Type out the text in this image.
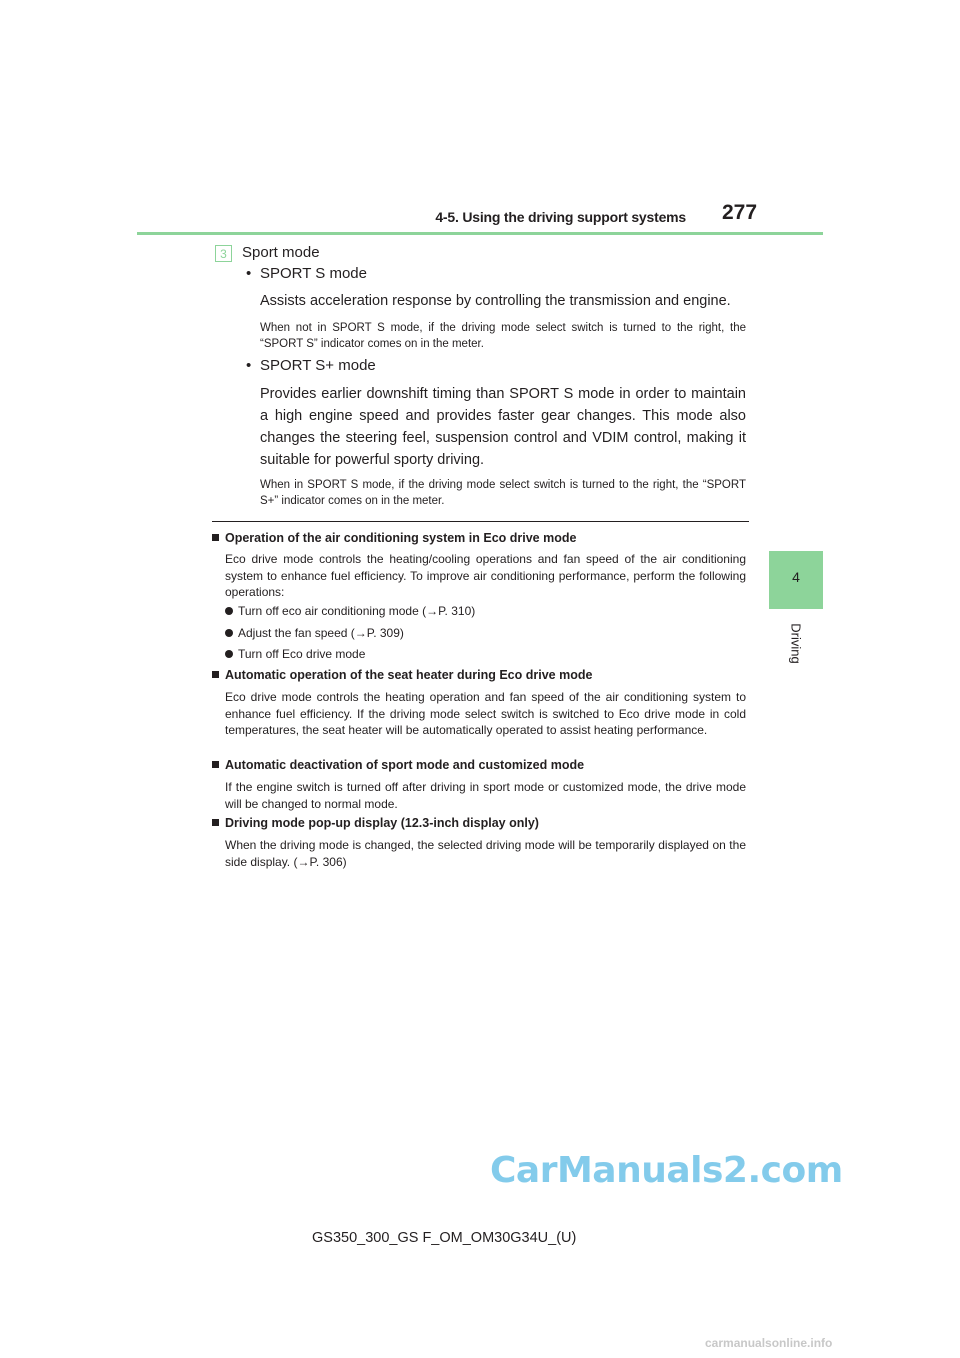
4-5. Using the driving support systems 277
4
Driving
3	Sport mode
• SPORT S mode
Assists acceleration response by controlling the transmission and engine.
When not in SPORT S mode, if the driving mode select switch is turned to the right, the “SPORT S” indicator comes on in the meter.
• SPORT S+ mode
Provides earlier downshift timing than SPORT S mode in order to maintain a high engine speed and provides faster gear changes. This mode also changes the steering feel, suspension control and VDIM control, making it suitable for powerful sporty driving.
When in SPORT S mode, if the driving mode select switch is turned to the right, the “SPORT S+” indicator comes on in the meter.
Operation of the air conditioning system in Eco drive mode
Eco drive mode controls the heating/cooling operations and fan speed of the air conditioning system to enhance fuel efficiency. To improve air conditioning performance, perform the following operations:
Turn off eco air conditioning mode (→P. 310)
Adjust the fan speed (→P. 309)
Turn off Eco drive mode
Automatic operation of the seat heater during Eco drive mode
Eco drive mode controls the heating operation and fan speed of the air conditioning system to enhance fuel efficiency. If the driving mode select switch is switched to Eco drive mode in cold temperatures, the seat heater will be automatically operated to assist heating performance.
Automatic deactivation of sport mode and customized mode
If the engine switch is turned off after driving in sport mode or customized mode, the drive mode will be changed to normal mode.
Driving mode pop-up display (12.3-inch display only)
When the driving mode is changed, the selected driving mode will be temporarily displayed on the side display. (→P. 306)
CarManuals2.com
GS350_300_GS F_OM_OM30G34U_(U)
carmanualsonline.info
